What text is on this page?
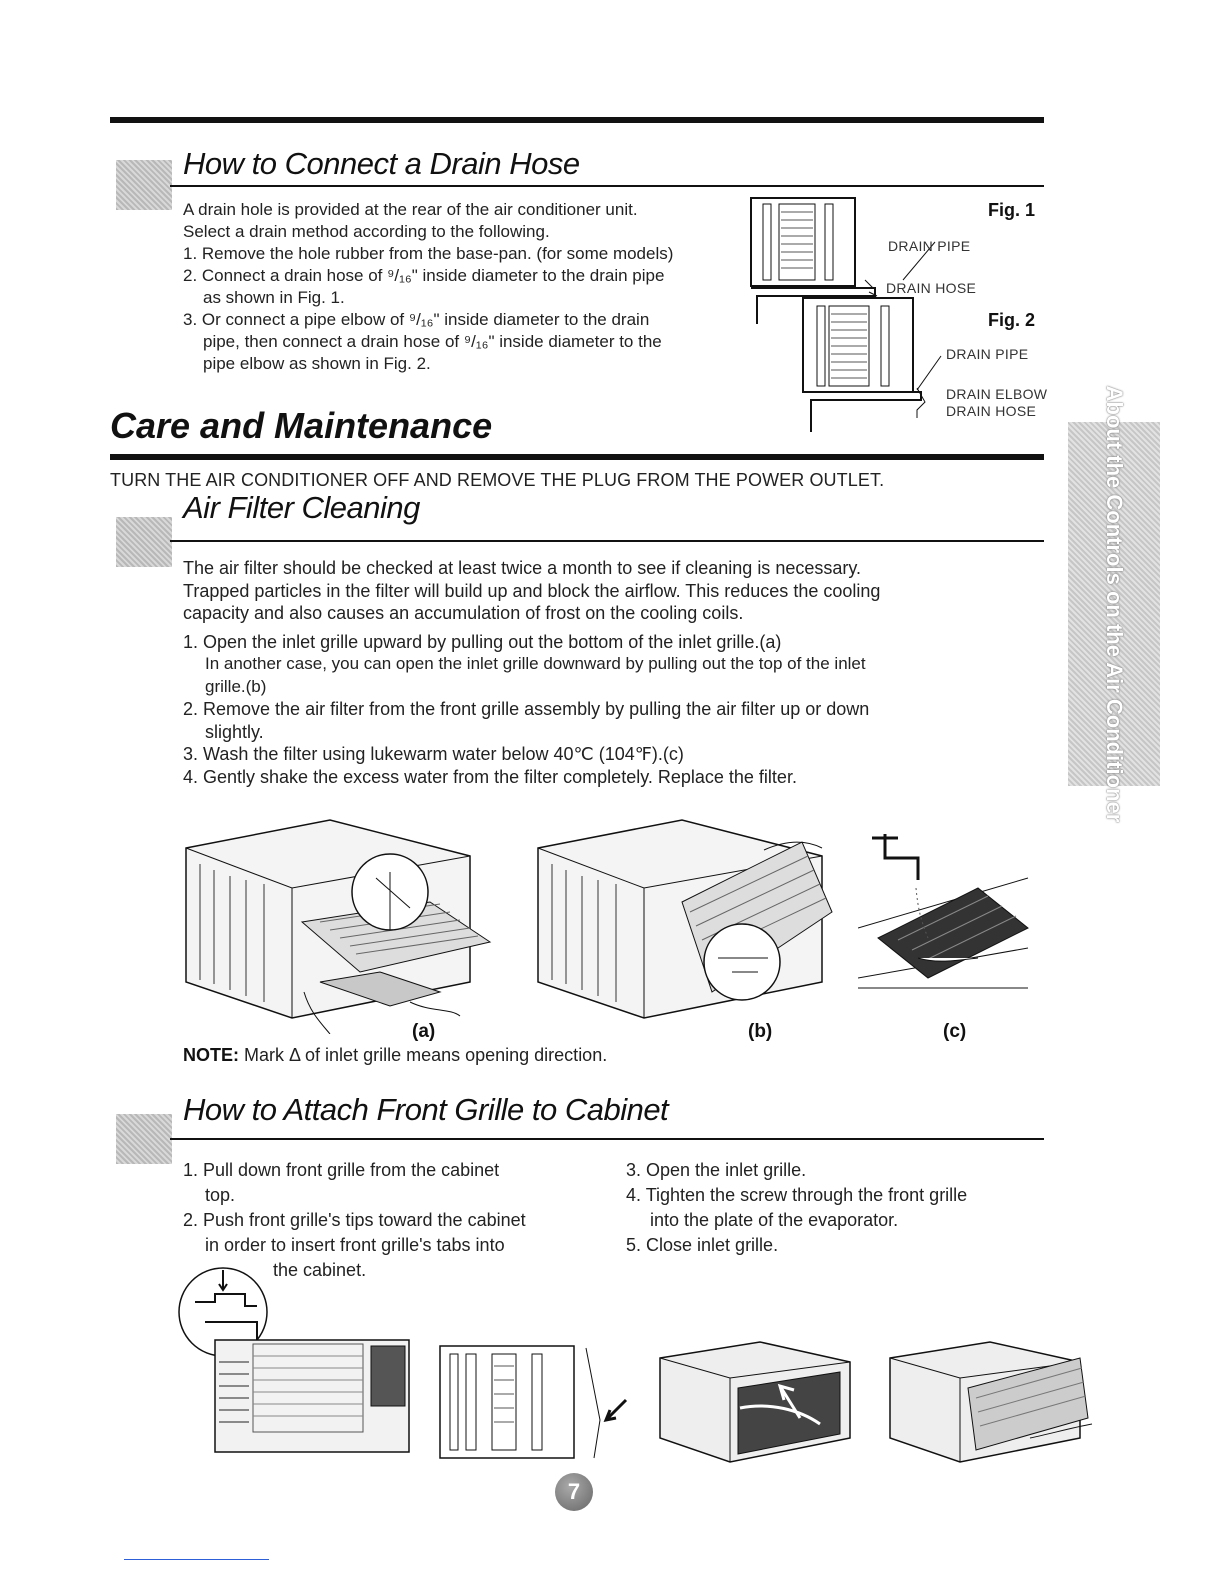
How to Connect a Drain Hose
A drain hole is provided at the rear of the air conditioner unit.
Select a drain method according to the following.
1. Remove the hole rubber from the base-pan. (for some models)
2. Connect a drain hose of ⁹/₁₆" inside diameter to the drain pipe
as shown in Fig. 1.
3. Or connect a pipe elbow of ⁹/₁₆" inside diameter to the drain
pipe, then connect a drain hose of ⁹/₁₆" inside diameter to the
pipe elbow as shown in Fig. 2.
Fig. 1
DRAIN PIPE
DRAIN HOSE
Fig. 2
DRAIN PIPE
DRAIN ELBOW
DRAIN HOSE
Care and Maintenance
TURN THE AIR CONDITIONER OFF AND REMOVE THE PLUG FROM THE POWER OUTLET.
Air Filter Cleaning
The air filter should be checked at least twice a month to see if cleaning is necessary.
Trapped particles in the filter will build up and block the airflow. This reduces the cooling
capacity and also causes an accumulation of frost on the cooling coils.
1. Open the inlet grille upward by pulling out the bottom of the inlet grille.(a)
In another case, you can open the inlet grille downward by pulling out the top of the inlet
grille.(b)
2. Remove the air filter from the front grille assembly by pulling the air filter up or down
slightly.
3. Wash the filter using lukewarm water below 40℃ (104℉).(c)
4. Gently shake the excess water from the filter completely. Replace the filter.	About the Controls on the Air Conditioner
(a)	(b)	(c)
NOTE: Mark Δ of inlet grille means opening direction.
How to Attach Front Grille to Cabinet
1. Pull down front grille from the cabinet
top.
2. Push front grille's tips toward the cabinet
in order to insert front grille's tabs into
the cabinet.
3. Open the inlet grille.
4. Tighten the screw through the front grille
into the plate of the evaporator.
5. Close inlet grille.
7
